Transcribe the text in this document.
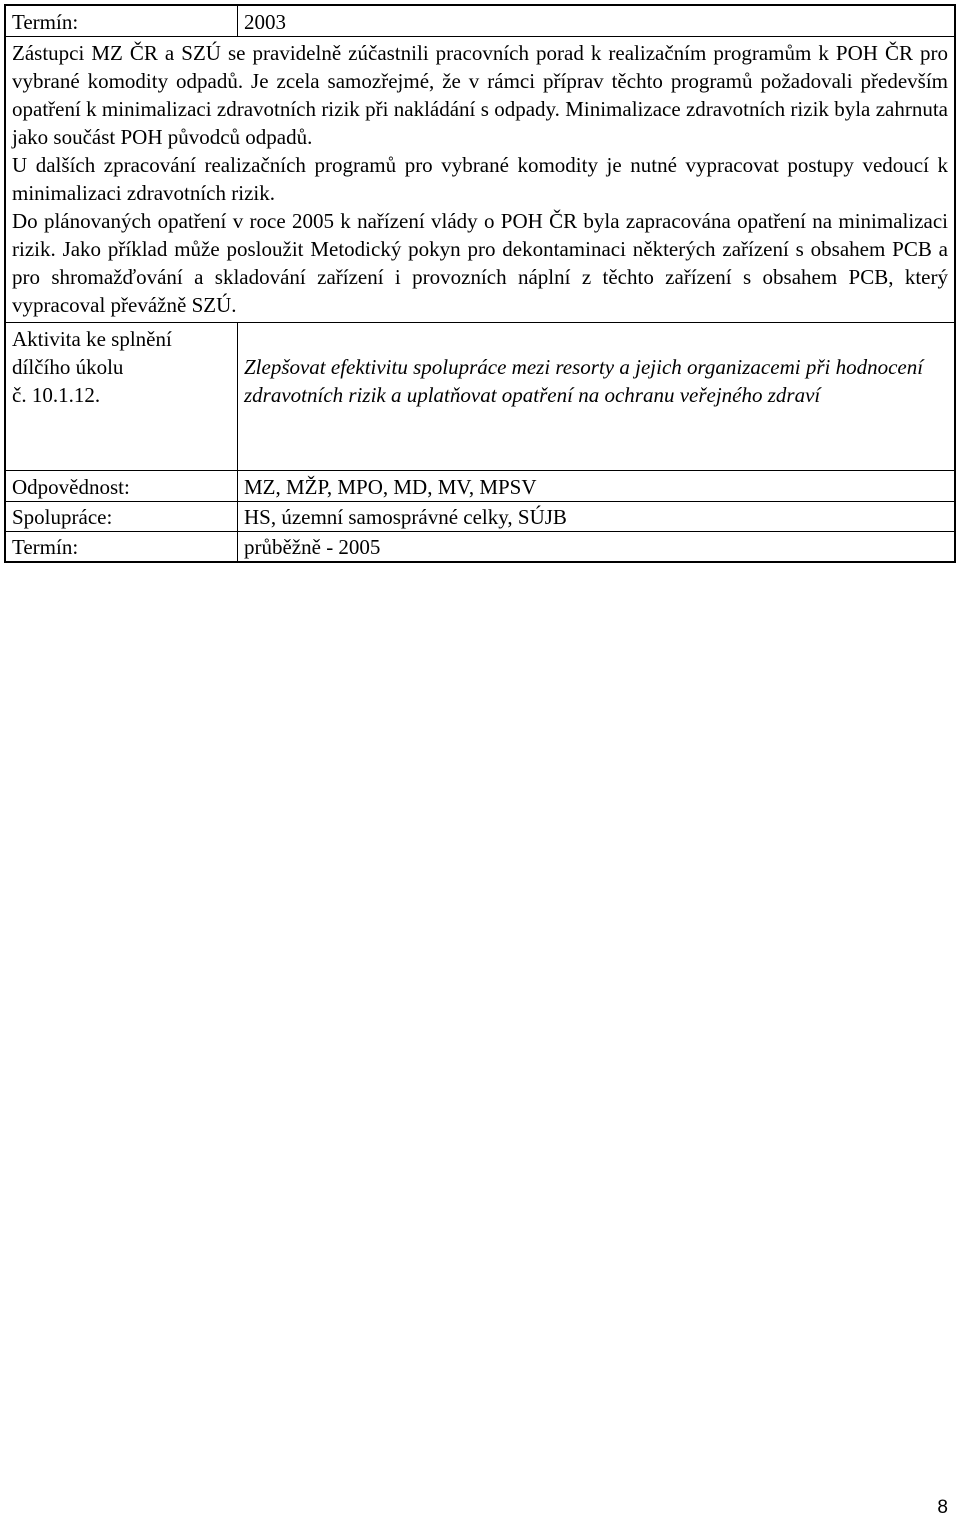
Termín:	2003

Zástupci MZ ČR a SZÚ se pravidelně zúčastnili pracovních porad k realizačním programům k POH ČR pro vybrané komodity odpadů. Je zcela samozřejmé, že v rámci příprav těchto programů požadovali především opatření k minimalizaci zdravotních rizik při nakládání s odpady. Minimalizace zdravotních rizik byla zahrnuta jako součást POH původců odpadů.

U dalších zpracování realizačních programů pro vybrané komodity je nutné vypracovat postupy vedoucí k minimalizaci zdravotních rizik.

Do plánovaných opatření v roce 2005 k nařízení vlády o POH ČR byla zapracována opatření na minimalizaci rizik. Jako příklad může posloužit Metodický pokyn pro dekontaminaci některých zařízení s obsahem PCB a pro shromažďování a skladování zařízení i provozních náplní z těchto zařízení s obsahem PCB, který vypracoval převážně SZÚ.	

Aktivita ke splnění
dílčího úkolu
č. 10.1.12.	Zlepšovat efektivitu spolupráce mezi resorty a jejich organizacemi při hodnocení zdravotních rizik a uplatňovat opatření na ochranu veřejného zdraví

Odpovědnost:	MZ, MŽP, MPO, MD, MV, MPSV
Spolupráce:	HS, územní samosprávné celky, SÚJB
Termín:	průběžně - 2005
8
